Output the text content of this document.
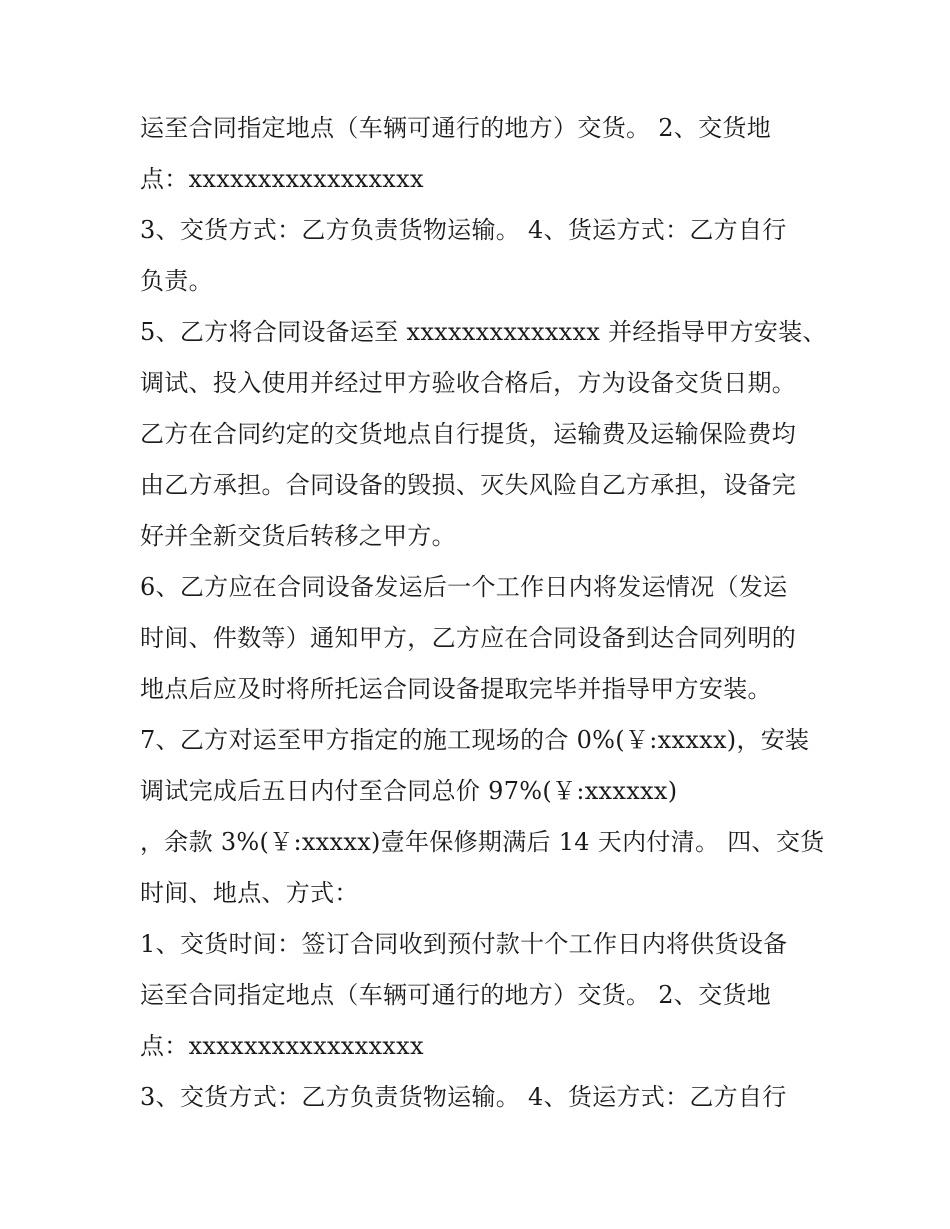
运至合同指定地点（车辆可通行的地方）交货。 2、交货地
点：xxxxxxxxxxxxxxxxx
3、交货方式：乙方负责货物运输。 4、货运方式：乙方自行
负责。
5、乙方将合同设备运至 xxxxxxxxxxxxxx 并经指导甲方安装、
调试、投入使用并经过甲方验收合格后，方为设备交货日期。
乙方在合同约定的交货地点自行提货，运输费及运输保险费均
由乙方承担。合同设备的毁损、灭失风险自乙方承担，设备完
好并全新交货后转移之甲方。
6、乙方应在合同设备发运后一个工作日内将发运情况（发运
时间、件数等）通知甲方，乙方应在合同设备到达合同列明的
地点后应及时将所托运合同设备提取完毕并指导甲方安装。
7、乙方对运至甲方指定的施工现场的合 0%(￥:xxxxx)，安装
调试完成后五日内付至合同总价 97%(￥:xxxxxx)
，余款 3%(￥:xxxxx)壹年保修期满后 14 天内付清。 四、交货
时间、地点、方式：
1、交货时间：签订合同收到预付款十个工作日内将供货设备
运至合同指定地点（车辆可通行的地方）交货。 2、交货地
点：xxxxxxxxxxxxxxxxx
3、交货方式：乙方负责货物运输。 4、货运方式：乙方自行
